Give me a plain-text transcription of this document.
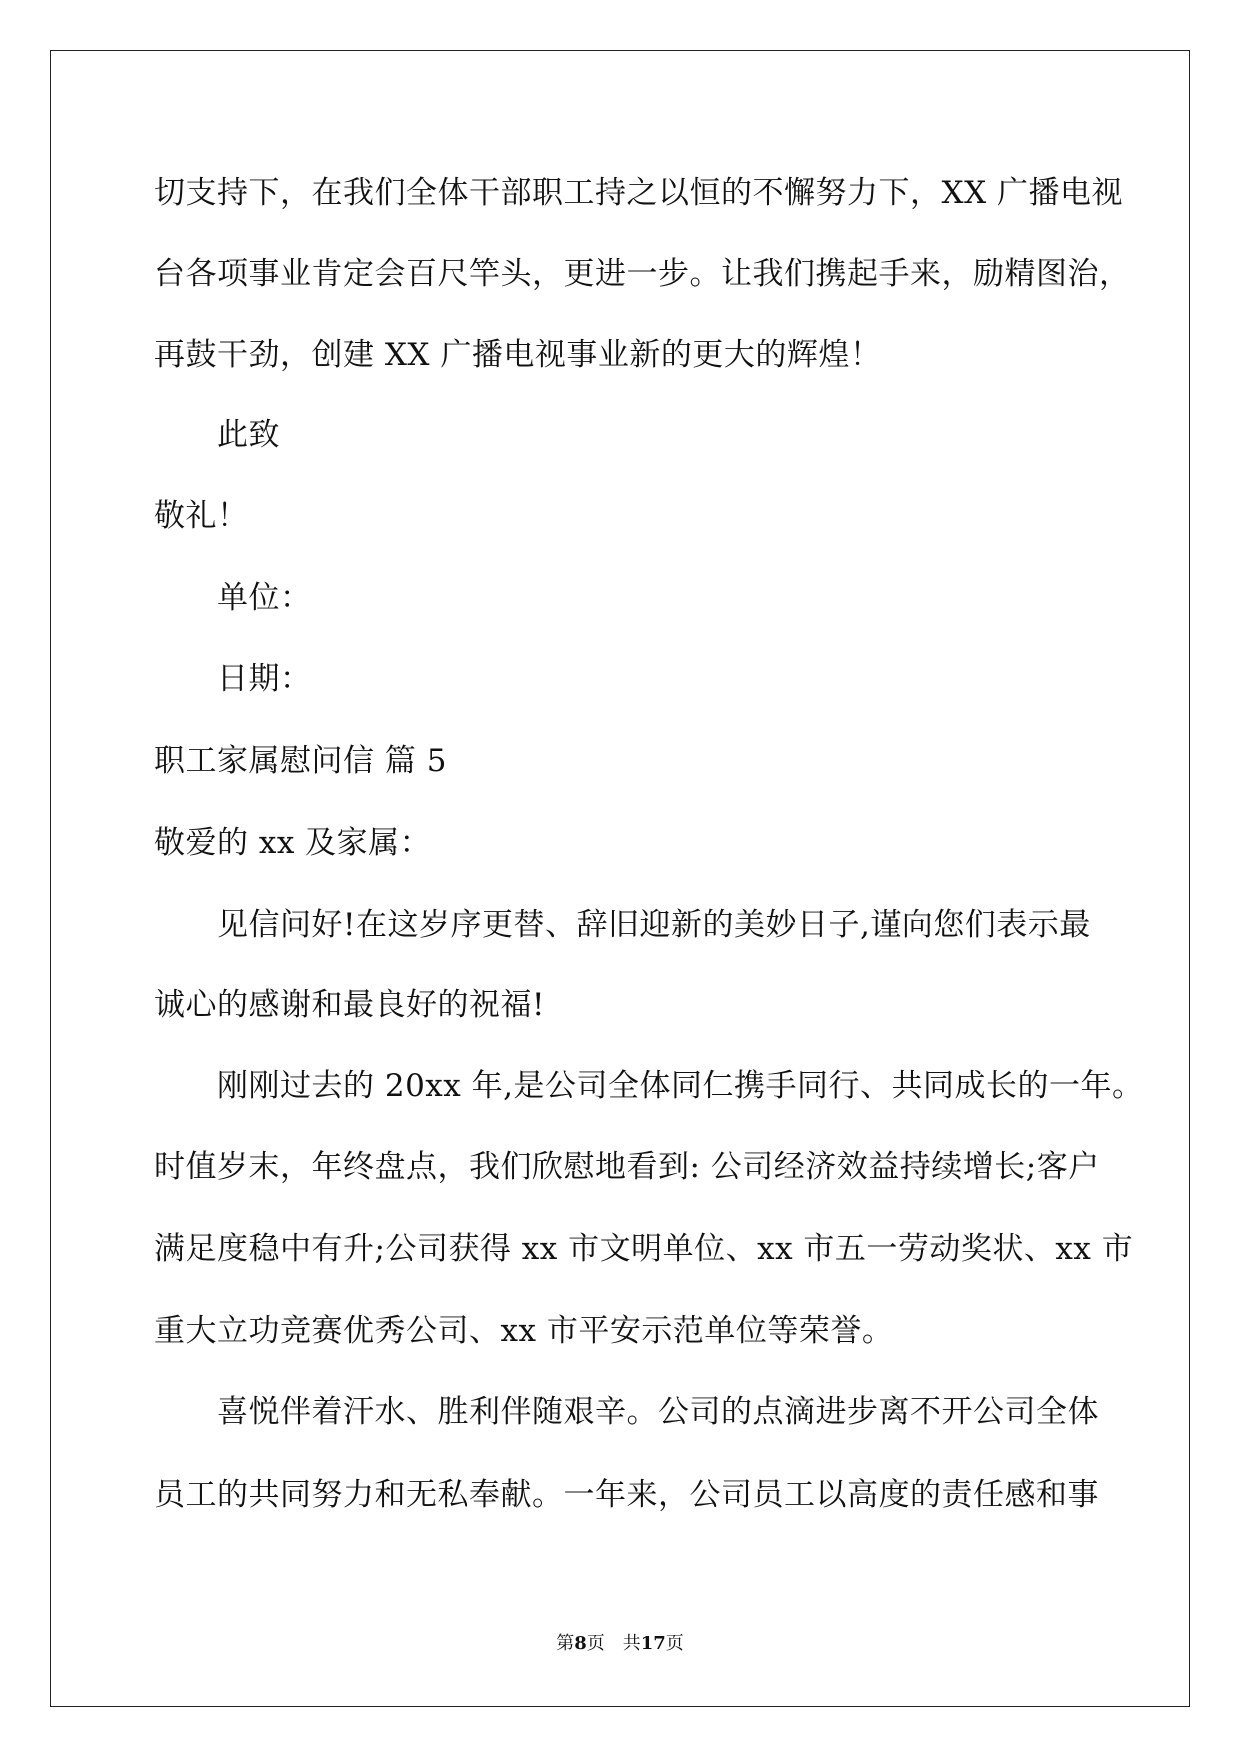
切支持下，在我们全体干部职工持之以恒的不懈努力下，XX 广播电视
台各项事业肯定会百尺竿头，更进一步。让我们携起手来，励精图治，
再鼓干劲，创建 XX 广播电视事业新的更大的辉煌！
此致
敬礼！
单位：
日期：
职工家属慰问信 篇 5
敬爱的 xx 及家属：
见信问好!在这岁序更替、辞旧迎新的美妙日子,谨向您们表示最
诚心的感谢和最良好的祝福!
刚刚过去的 20xx 年,是公司全体同仁携手同行、共同成长的一年。
时值岁末，年终盘点，我们欣慰地看到: 公司经济效益持续增长;客户
满足度稳中有升;公司获得 xx 市文明单位、xx 市五一劳动奖状、xx 市
重大立功竞赛优秀公司、xx 市平安示范单位等荣誉。
喜悦伴着汗水、胜利伴随艰辛。公司的点滴进步离不开公司全体
员工的共同努力和无私奉献。一年来，公司员工以高度的责任感和事
第8页 共17页
